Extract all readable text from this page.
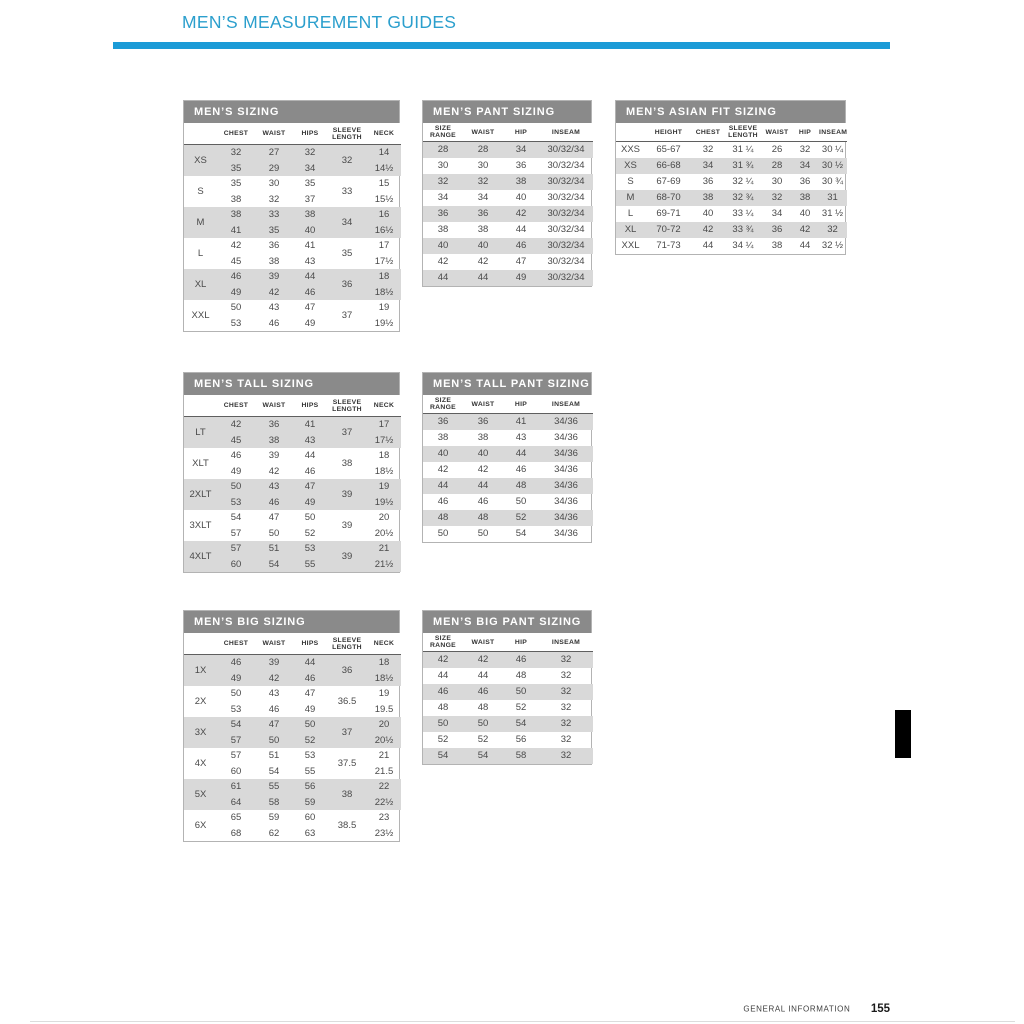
MEN’S MEASUREMENT GUIDES
MEN’S SIZING
	CHEST	WAIST	HIPS	SLEEVE LENGTH	NECK
XS	32	27	32	32	14
	35	29	34		14½
S	35	30	35	33	15
	38	32	37		15½
M	38	33	38	34	16
	41	35	40		16½
L	42	36	41	35	17
	45	38	43		17½
XL	46	39	44	36	18
	49	42	46		18½
XXL	50	43	47	37	19
	53	46	49		19½
MEN’S PANT SIZING
SIZE RANGE	WAIST	HIP	INSEAM
28	28	34	30/32/34
30	30	36	30/32/34
32	32	38	30/32/34
34	34	40	30/32/34
36	36	42	30/32/34
38	38	44	30/32/34
40	40	46	30/32/34
42	42	47	30/32/34
44	44	49	30/32/34
MEN’S ASIAN FIT SIZING
	HEIGHT	CHEST	SLEEVE LENGTH	WAIST	HIP	INSEAM
XXS	65-67	32	31 ¼	26	32	30 ¼
XS	66-68	34	31 ¾	28	34	30 ½
S	67-69	36	32 ¼	30	36	30 ¾
M	68-70	38	32 ¾	32	38	31
L	69-71	40	33 ¼	34	40	31 ½
XL	70-72	42	33 ¾	36	42	32
XXL	71-73	44	34 ¼	38	44	32 ½
MEN’S TALL SIZING
	CHEST	WAIST	HIPS	SLEEVE LENGTH	NECK
LT	42	36	41	37	17
	45	38	43		17½
XLT	46	39	44	38	18
	49	42	46		18½
2XLT	50	43	47	39	19
	53	46	49		19½
3XLT	54	47	50	39	20
	57	50	52		20½
4XLT	57	51	53	39	21
	60	54	55		21½
MEN’S TALL PANT SIZING
SIZE RANGE	WAIST	HIP	INSEAM
36	36	41	34/36
38	38	43	34/36
40	40	44	34/36
42	42	46	34/36
44	44	48	34/36
46	46	50	34/36
48	48	52	34/36
50	50	54	34/36
MEN’S BIG SIZING
	CHEST	WAIST	HIPS	SLEEVE LENGTH	NECK
1X	46	39	44	36	18
	49	42	46		18½
2X	50	43	47	36.5	19
	53	46	49		19.5
3X	54	47	50	37	20
	57	50	52		20½
4X	57	51	53	37.5	21
	60	54	55		21.5
5X	61	55	56	38	22
	64	58	59		22½
6X	65	59	60	38.5	23
	68	62	63		23½
MEN’S BIG PANT SIZING
SIZE RANGE	WAIST	HIP	INSEAM
42	42	46	32
44	44	48	32
46	46	50	32
48	48	52	32
50	50	54	32
52	52	56	32
54	54	58	32
GENERAL INFORMATION 155
